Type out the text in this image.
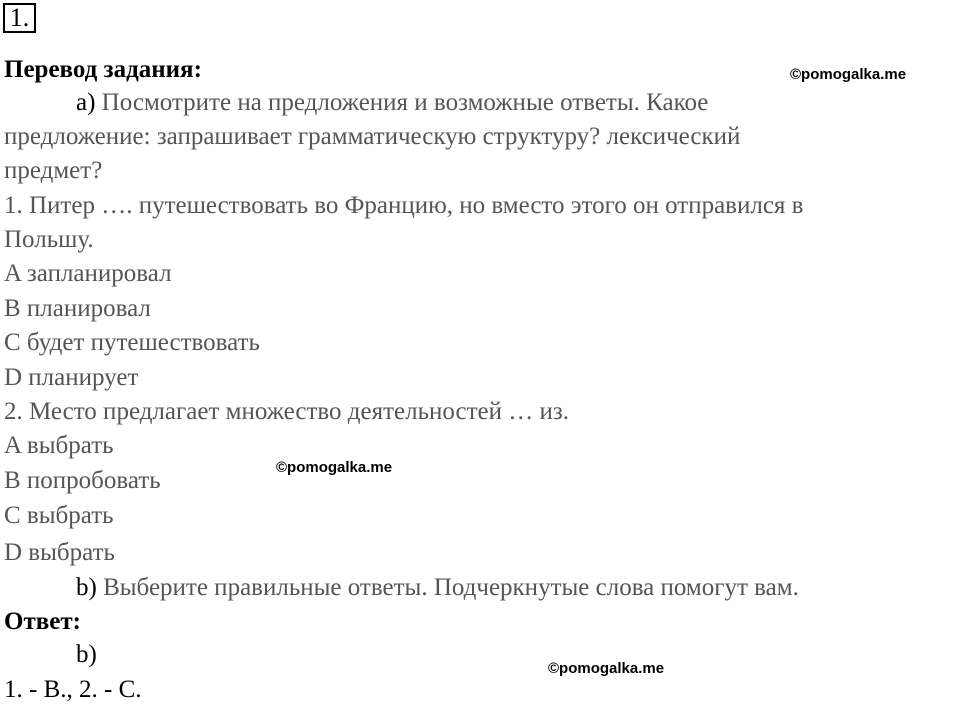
1.
Перевод задания:	©pomogalka.me
a) Посмотрите на предложения и возможные ответы. Какое
предложение: запрашивает грамматическую структуру? лексический
предмет?
1. Питер …. путешествовать во Францию, но вместо этого он отправился в
Польшу.
A запланировал
B планировал
C будет путешествовать
D планирует
2. Место предлагает множество деятельностей … из.
A выбрать
©pomogalka.me
B попробовать
C выбрать
D выбрать
b) Выберите правильные ответы. Подчеркнутые слова помогут вам.
Ответ:
b)
©pomogalka.me
1. - B., 2. - C.
